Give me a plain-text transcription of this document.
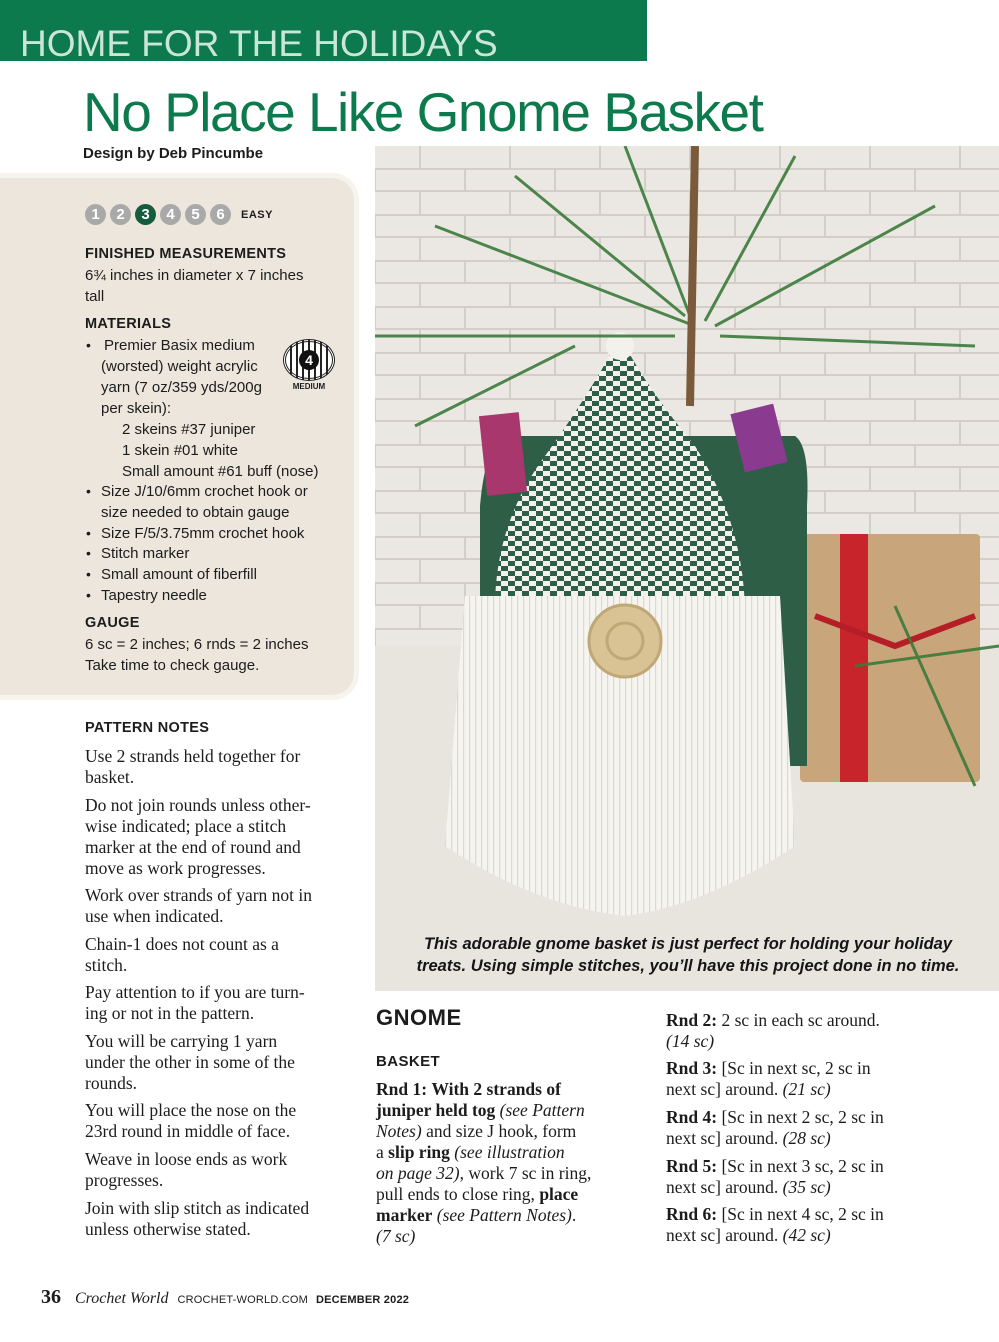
HOME FOR THE HOLIDAYS
No Place Like Gnome Basket
Design by Deb Pincumbe
1	2	3	4	5	6	EASY
FINISHED MEASUREMENTS
6¾ inches in diameter x 7 inches
tall
MATERIALS
• Premier Basix medium
(worsted) weight acrylic
yarn (7 oz/359 yds/200g
per skein):
2 skeins #37 juniper
1 skein #01 white
Small amount #61 buff (nose)
• Size J/10/6mm crochet hook or
size needed to obtain gauge
• Size F/5/3.75mm crochet hook
• Stitch marker
• Small amount of fiberfill
• Tapestry needle
4
MEDIUM
GAUGE
6 sc = 2 inches; 6 rnds = 2 inches
Take time to check gauge.
PATTERN NOTES
Use 2 strands held together for
basket.
Do not join rounds unless other-
wise indicated; place a stitch
marker at the end of round and
move as work progresses.
Work over strands of yarn not in
use when indicated.
Chain-1 does not count as a
stitch.
Pay attention to if you are turn-
ing or not in the pattern.
You will be carrying 1 yarn
under the other in some of the
rounds.
You will place the nose on the
23rd round in middle of face.
Weave in loose ends as work
progresses.
Join with slip stitch as indicated
unless otherwise stated.
This adorable gnome basket is just perfect for holding your holiday
treats. Using simple stitches, you’ll have this project done in no time.
GNOME
BASKET
Rnd 1: With 2 strands of
juniper held tog (see Pattern
Notes) and size J hook, form
a slip ring (see illustration
on page 32), work 7 sc in ring,
pull ends to close ring, place
marker (see Pattern Notes).
(7 sc)
Rnd 2: 2 sc in each sc around.
(14 sc)
Rnd 3: [Sc in next sc, 2 sc in
next sc] around. (21 sc)
Rnd 4: [Sc in next 2 sc, 2 sc in
next sc] around. (28 sc)
Rnd 5: [Sc in next 3 sc, 2 sc in
next sc] around. (35 sc)
Rnd 6: [Sc in next 4 sc, 2 sc in
next sc] around. (42 sc)
36 Crochet World CROCHET-WORLD.COM DECEMBER 2022
